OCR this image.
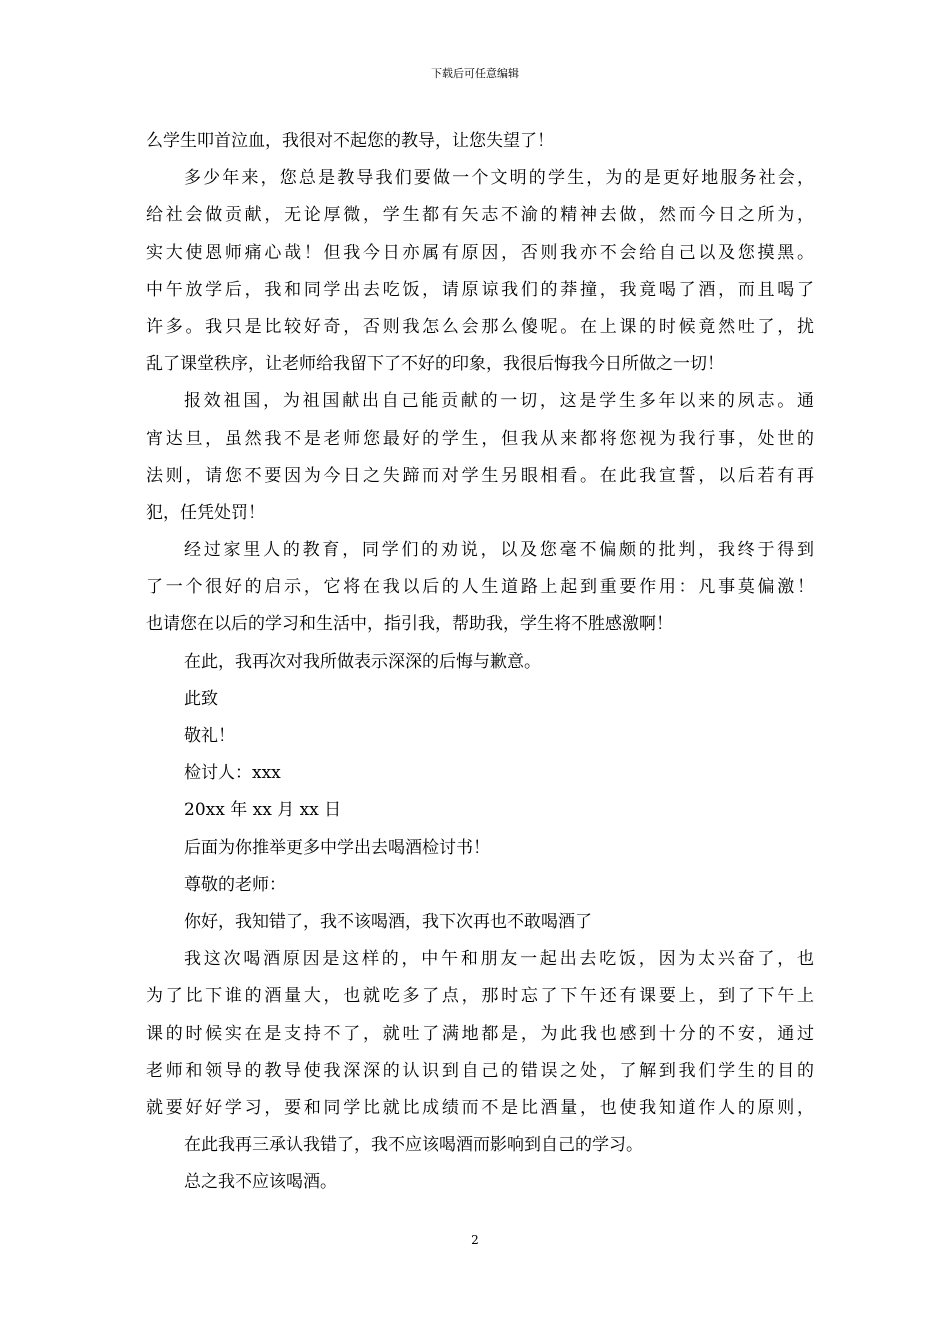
下载后可任意编辑
么学生叩首泣血，我很对不起您的教导，让您失望了！
多少年来，您总是教导我们要做一个文明的学生，为的是更好地服务社会，
给社会做贡献，无论厚微，学生都有矢志不渝的精神去做，然而今日之所为，
实大使恩师痛心哉！但我今日亦属有原因，否则我亦不会给自己以及您摸黑。
中午放学后，我和同学出去吃饭，请原谅我们的莽撞，我竟喝了酒，而且喝了
许多。我只是比较好奇，否则我怎么会那么傻呢。在上课的时候竟然吐了，扰
乱了课堂秩序，让老师给我留下了不好的印象，我很后悔我今日所做之一切！
报效祖国，为祖国献出自己能贡献的一切，这是学生多年以来的夙志。通
宵达旦，虽然我不是老师您最好的学生，但我从来都将您视为我行事，处世的
法则，请您不要因为今日之失蹄而对学生另眼相看。在此我宣誓，以后若有再
犯，任凭处罚！
经过家里人的教育，同学们的劝说，以及您毫不偏颇的批判，我终于得到
了一个很好的启示，它将在我以后的人生道路上起到重要作用：凡事莫偏激！
也请您在以后的学习和生活中，指引我，帮助我，学生将不胜感激啊！
在此，我再次对我所做表示深深的后悔与歉意。
此致
敬礼！
检讨人：xxx
20xx 年 xx 月 xx 日
后面为你推举更多中学出去喝酒检讨书！
尊敬的老师：
你好，我知错了，我不该喝酒，我下次再也不敢喝酒了
我这次喝酒原因是这样的，中午和朋友一起出去吃饭，因为太兴奋了，也
为了比下谁的酒量大，也就吃多了点，那时忘了下午还有课要上，到了下午上
课的时候实在是支持不了，就吐了满地都是，为此我也感到十分的不安，通过
老师和领导的教导使我深深的认识到自己的错误之处，了解到我们学生的目的
就要好好学习，要和同学比就比成绩而不是比酒量，也使我知道作人的原则，
在此我再三承认我错了，我不应该喝酒而影响到自己的学习。
总之我不应该喝酒。
2
